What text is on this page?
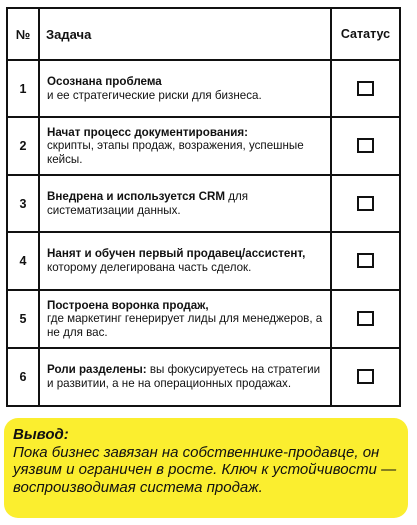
№	Задача	Сататус
1	Осознана проблема
и ее стратегические риски для бизнеса.	
2	Начат процесс документирования:
скрипты, этапы продаж, возражения, успешные кейсы.	
3	Внедрена и используется CRM для систематизации данных.	
4	Нанят и обучен первый продавец/ассистент, которому делегирована часть сделок.	
5	Построена воронка продаж,
где маркетинг генерирует лиды для менеджеров, а не для вас.	
6	Роли разделены: вы фокусируетесь на стратегии и развитии, а не на операционных продажах.	
Вывод:
Пока бизнес завязан на собственнике-продавце, он уязвим и ограничен в росте. Ключ к устойчивости — воспроизводимая система продаж.
